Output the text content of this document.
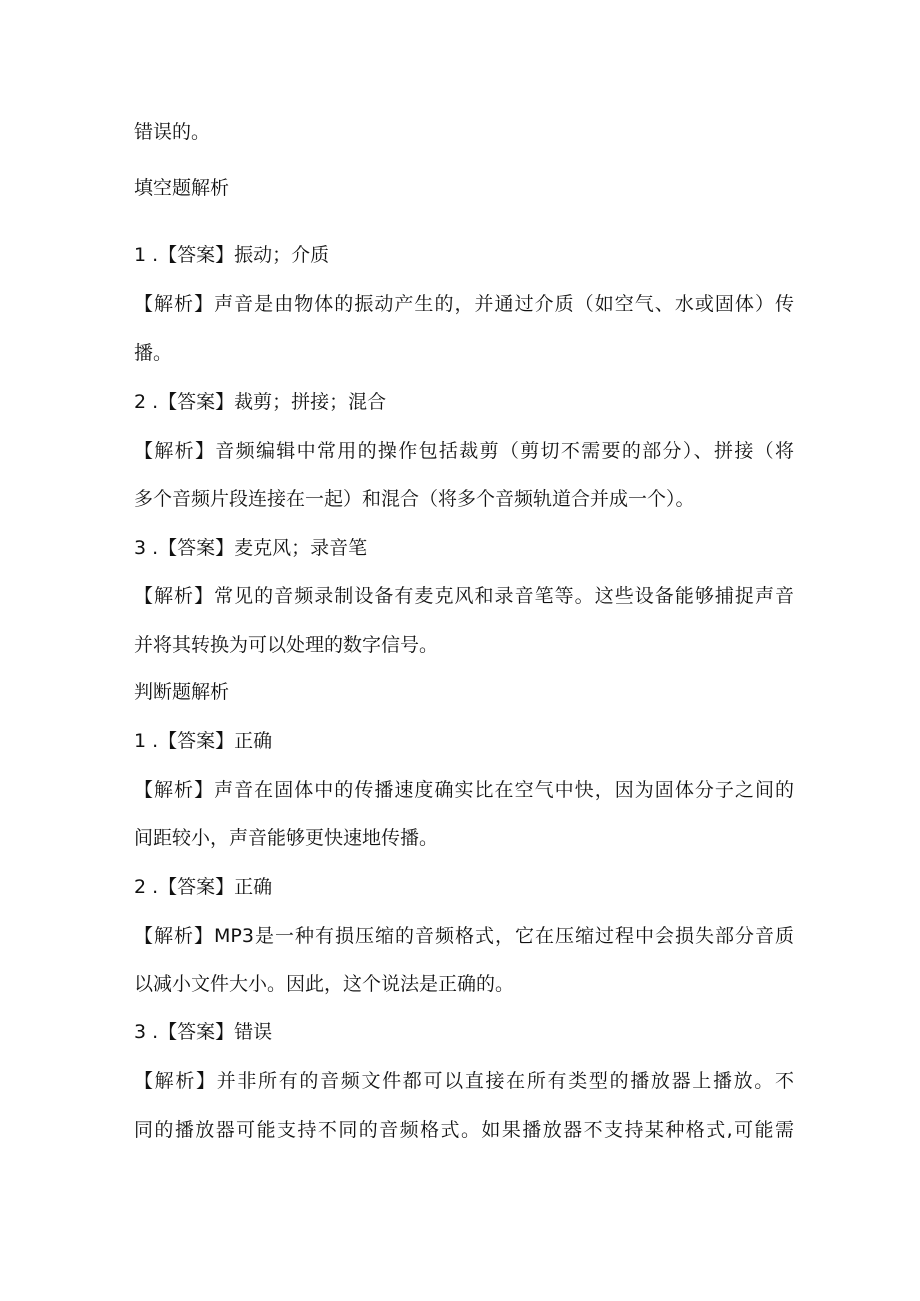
错误的。
填空题解析
1 .【答案】振动；介质
【解析】声音是由物体的振动产生的，并通过介质（如空气、水或固体）传
播。
2 .【答案】裁剪；拼接；混合
【解析】音频编辑中常用的操作包括裁剪（剪切不需要的部分）、拼接（将
多个音频片段连接在一起）和混合（将多个音频轨道合并成一个）。
3 .【答案】麦克风；录音笔
【解析】常见的音频录制设备有麦克风和录音笔等。这些设备能够捕捉声音
并将其转换为可以处理的数字信号。
判断题解析
1 .【答案】正确
【解析】声音在固体中的传播速度确实比在空气中快，因为固体分子之间的
间距较小，声音能够更快速地传播。
2 .【答案】正确
【解析】MP3是一种有损压缩的音频格式，它在压缩过程中会损失部分音质
以减小文件大小。因此，这个说法是正确的。
3 .【答案】错误
【解析】并非所有的音频文件都可以直接在所有类型的播放器上播放。不
同的播放器可能支持不同的音频格式。如果播放器不支持某种格式,可能需
